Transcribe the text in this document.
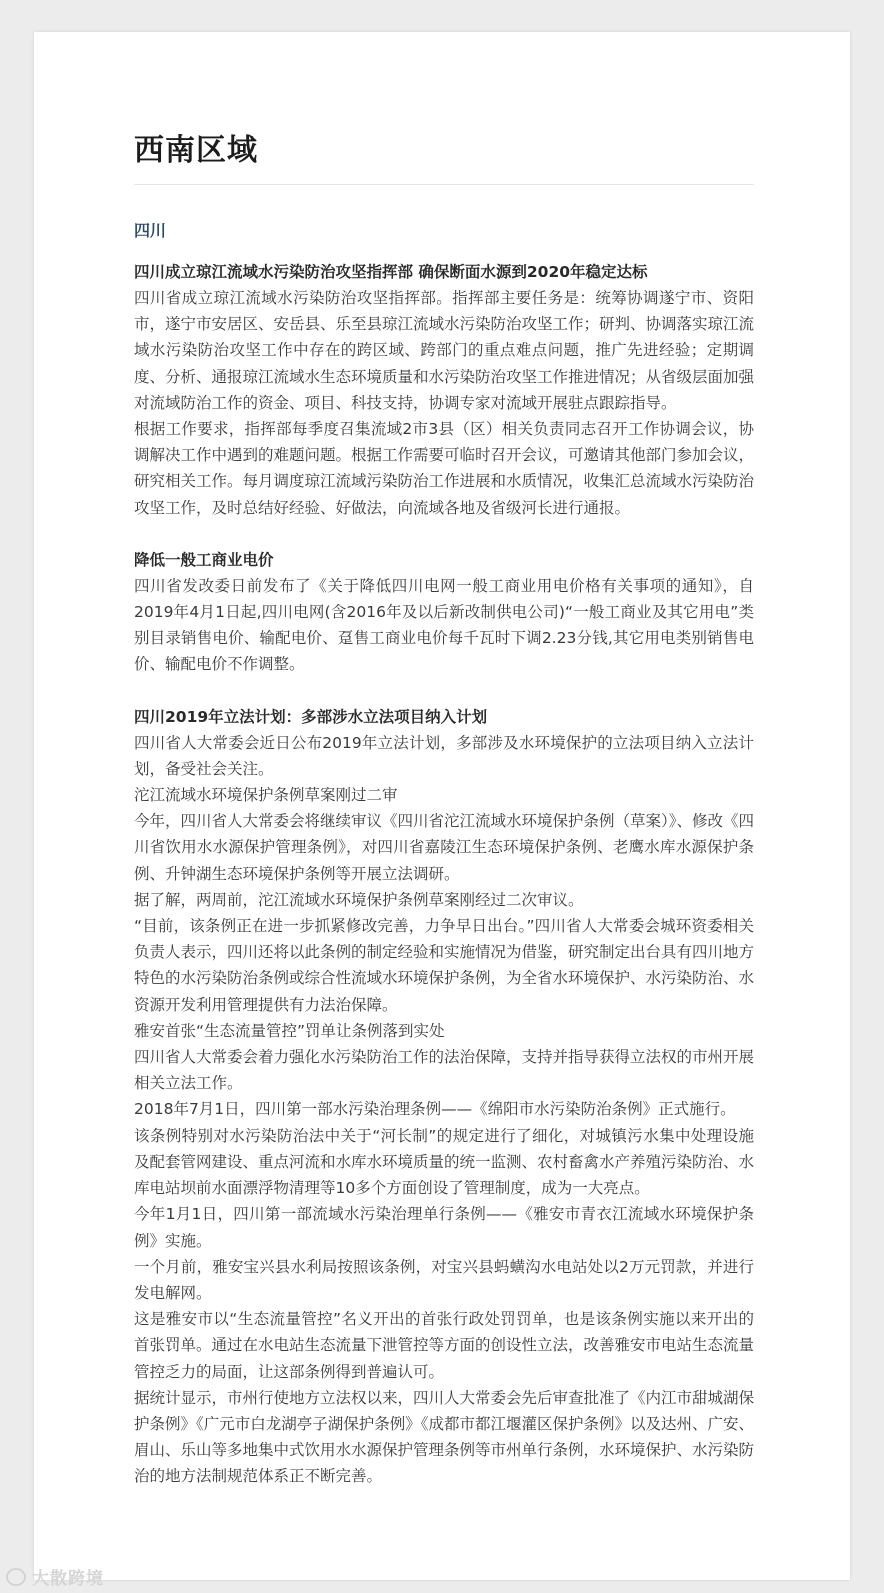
西南区域
四川
四川成立琼江流域水污染防治攻坚指挥部 确保断面水源到2020年稳定达标

四川省成立琼江流域水污染防治攻坚指挥部。指挥部主要任务是：统筹协调遂宁市、资阳市，遂宁市安居区、安岳县、乐至县琼江流域水污染防治攻坚工作；研判、协调落实琼江流域水污染防治攻坚工作中存在的跨区域、跨部门的重点难点问题，推广先进经验；定期调度、分析、通报琼江流域水生态环境质量和水污染防治攻坚工作推进情况；从省级层面加强对流域防治工作的资金、项目、科技支持，协调专家对流域开展驻点跟踪指导。

根据工作要求，指挥部每季度召集流域2市3县（区）相关负责同志召开工作协调会议，协调解决工作中遇到的难题问题。根据工作需要可临时召开会议，可邀请其他部门参加会议，研究相关工作。每月调度琼江流域污染防治工作进展和水质情况，收集汇总流域水污染防治攻坚工作，及时总结好经验、好做法，向流域各地及省级河长进行通报。

降低一般工商业电价

四川省发改委日前发布了《关于降低四川电网一般工商业用电价格有关事项的通知》，自2019年4月1日起,四川电网(含2016年及以后新改制供电公司)“一般工商业及其它用电”类别目录销售电价、输配电价、趸售工商业电价每千瓦时下调2.23分钱,其它用电类别销售电价、输配电价不作调整。

四川2019年立法计划：多部涉水立法项目纳入计划

四川省人大常委会近日公布2019年立法计划，多部涉及水环境保护的立法项目纳入立法计划，备受社会关注。

沱江流域水环境保护条例草案刚过二审

今年，四川省人大常委会将继续审议《四川省沱江流域水环境保护条例（草案）》、修改《四川省饮用水水源保护管理条例》，对四川省嘉陵江生态环境保护条例、老鹰水库水源保护条例、升钟湖生态环境保护条例等开展立法调研。

据了解，两周前，沱江流域水环境保护条例草案刚经过二次审议。

“目前，该条例正在进一步抓紧修改完善，力争早日出台。”四川省人大常委会城环资委相关负责人表示，四川还将以此条例的制定经验和实施情况为借鉴，研究制定出台具有四川地方特色的水污染防治条例或综合性流域水环境保护条例，为全省水环境保护、水污染防治、水资源开发利用管理提供有力法治保障。

雅安首张“生态流量管控”罚单让条例落到实处

四川省人大常委会着力强化水污染防治工作的法治保障，支持并指导获得立法权的市州开展相关立法工作。

2018年7月1日，四川第一部水污染治理条例——《绵阳市水污染防治条例》正式施行。

该条例特别对水污染防治法中关于“河长制”的规定进行了细化，对城镇污水集中处理设施及配套管网建设、重点河流和水库水环境质量的统一监测、农村畜禽水产养殖污染防治、水库电站坝前水面漂浮物清理等10多个方面创设了管理制度，成为一大亮点。

今年1月1日，四川第一部流域水污染治理单行条例——《雅安市青衣江流域水环境保护条例》实施。

一个月前，雅安宝兴县水利局按照该条例，对宝兴县蚂蟥沟水电站处以2万元罚款，并进行发电解网。

这是雅安市以“生态流量管控”名义开出的首张行政处罚罚单，也是该条例实施以来开出的首张罚单。通过在水电站生态流量下泄管控等方面的创设性立法，改善雅安市电站生态流量管控乏力的局面，让这部条例得到普遍认可。

据统计显示，市州行使地方立法权以来，四川人大常委会先后审查批准了《内江市甜城湖保护条例》《广元市白龙湖亭子湖保护条例》《成都市都江堰灌区保护条例》以及达州、广安、眉山、乐山等多地集中式饮用水水源保护管理条例等市州单行条例，水环境保护、水污染防治的地方法制规范体系正不断完善。

大散跨境
